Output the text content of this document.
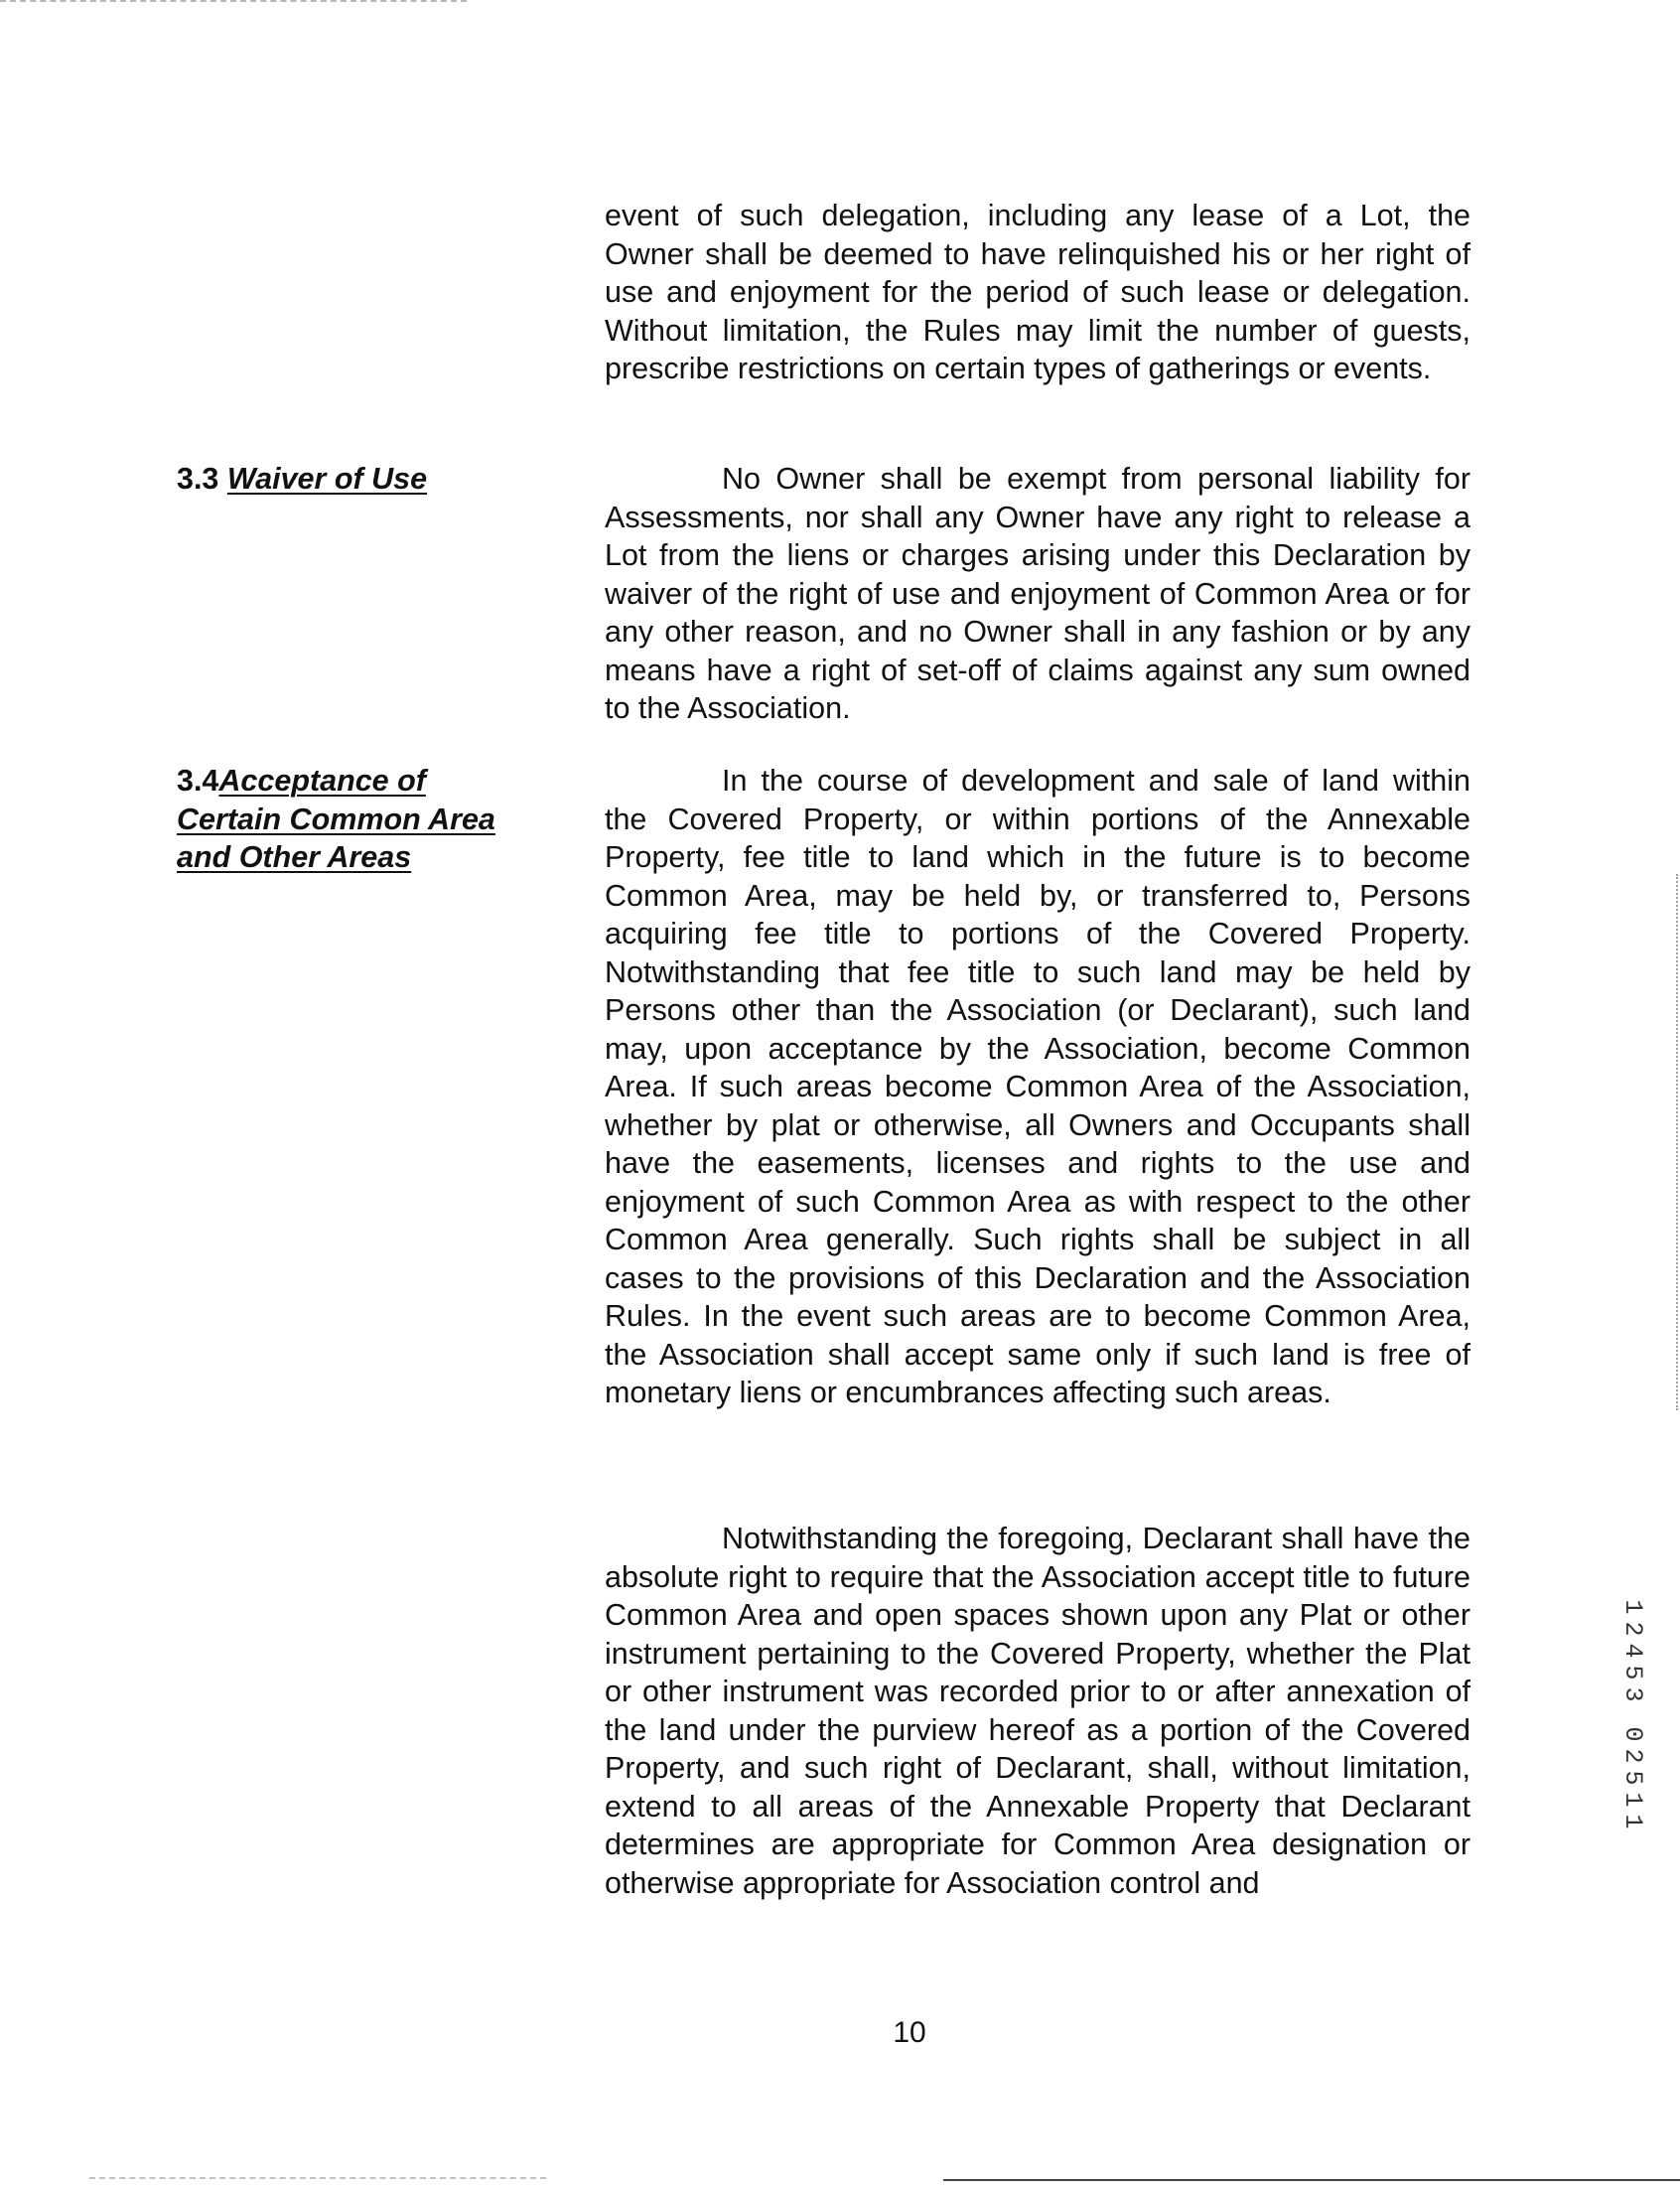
event of such delegation, including any lease of a Lot, the Owner shall be deemed to have relinquished his or her right of use and enjoyment for the period of such lease or delegation. Without limitation, the Rules may limit the number of guests, prescribe restrictions on certain types of gatherings or events.

3.3 Waiver of Use	No Owner shall be exempt from personal liability for Assessments, nor shall any Owner have any right to release a Lot from the liens or charges arising under this Declaration by waiver of the right of use and enjoyment of Common Area or for any other reason, and no Owner shall in any fashion or by any means have a right of set-off of claims against any sum owned to the Association.

3.4Acceptance of
Certain Common Area
and Other Areas

In the course of development and sale of land within the Covered Property, or within portions of the Annexable Property, fee title to land which in the future is to become Common Area, may be held by, or transferred to, Persons acquiring fee title to portions of the Covered Property. Notwithstanding that fee title to such land may be held by Persons other than the Association (or Declarant), such land may, upon acceptance by the Association, become Common Area. If such areas become Common Area of the Association, whether by plat or otherwise, all Owners and Occupants shall have the easements, licenses and rights to the use and enjoyment of such Common Area as with respect to the other Common Area generally. Such rights shall be subject in all cases to the provisions of this Declaration and the Association Rules. In the event such areas are to become Common Area, the Association shall accept same only if such land is free of monetary liens or encumbrances affecting such areas.

Notwithstanding the foregoing, Declarant shall have the absolute right to require that the Association accept title to future Common Area and open spaces shown upon any Plat or other instrument pertaining to the Covered Property, whether the Plat or other instrument was recorded prior to or after annexation of the land under the purview hereof as a portion of the Covered Property, and such right of Declarant, shall, without limitation, extend to all areas of the Annexable Property that Declarant determines are appropriate for Common Area designation or otherwise appropriate for Association control and

10
1
2
4
5
3
0
2
5
1
1
